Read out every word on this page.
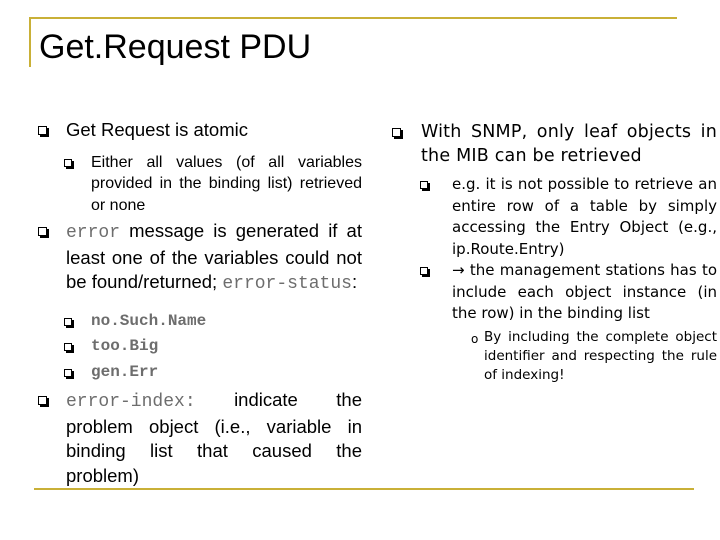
Get.Request PDU
Get Request is atomic
Either all values (of all variables provided in the binding list) retrieved or none
error message is generated if at least one of the variables could not be found/returned; error-status:
no.Such.Name
too.Big
gen.Err
error-index: indicate the problem object (i.e., variable in binding list that caused the problem)
With SNMP, only leaf objects in the MIB can be retrieved
e.g. it is not possible to retrieve an entire row of a table by simply accessing the Entry Object (e.g., ip.Route.Entry)
→ the management stations has to include each object instance (in the row) in the binding list
o By including the complete object identifier and respecting the rule of indexing!
